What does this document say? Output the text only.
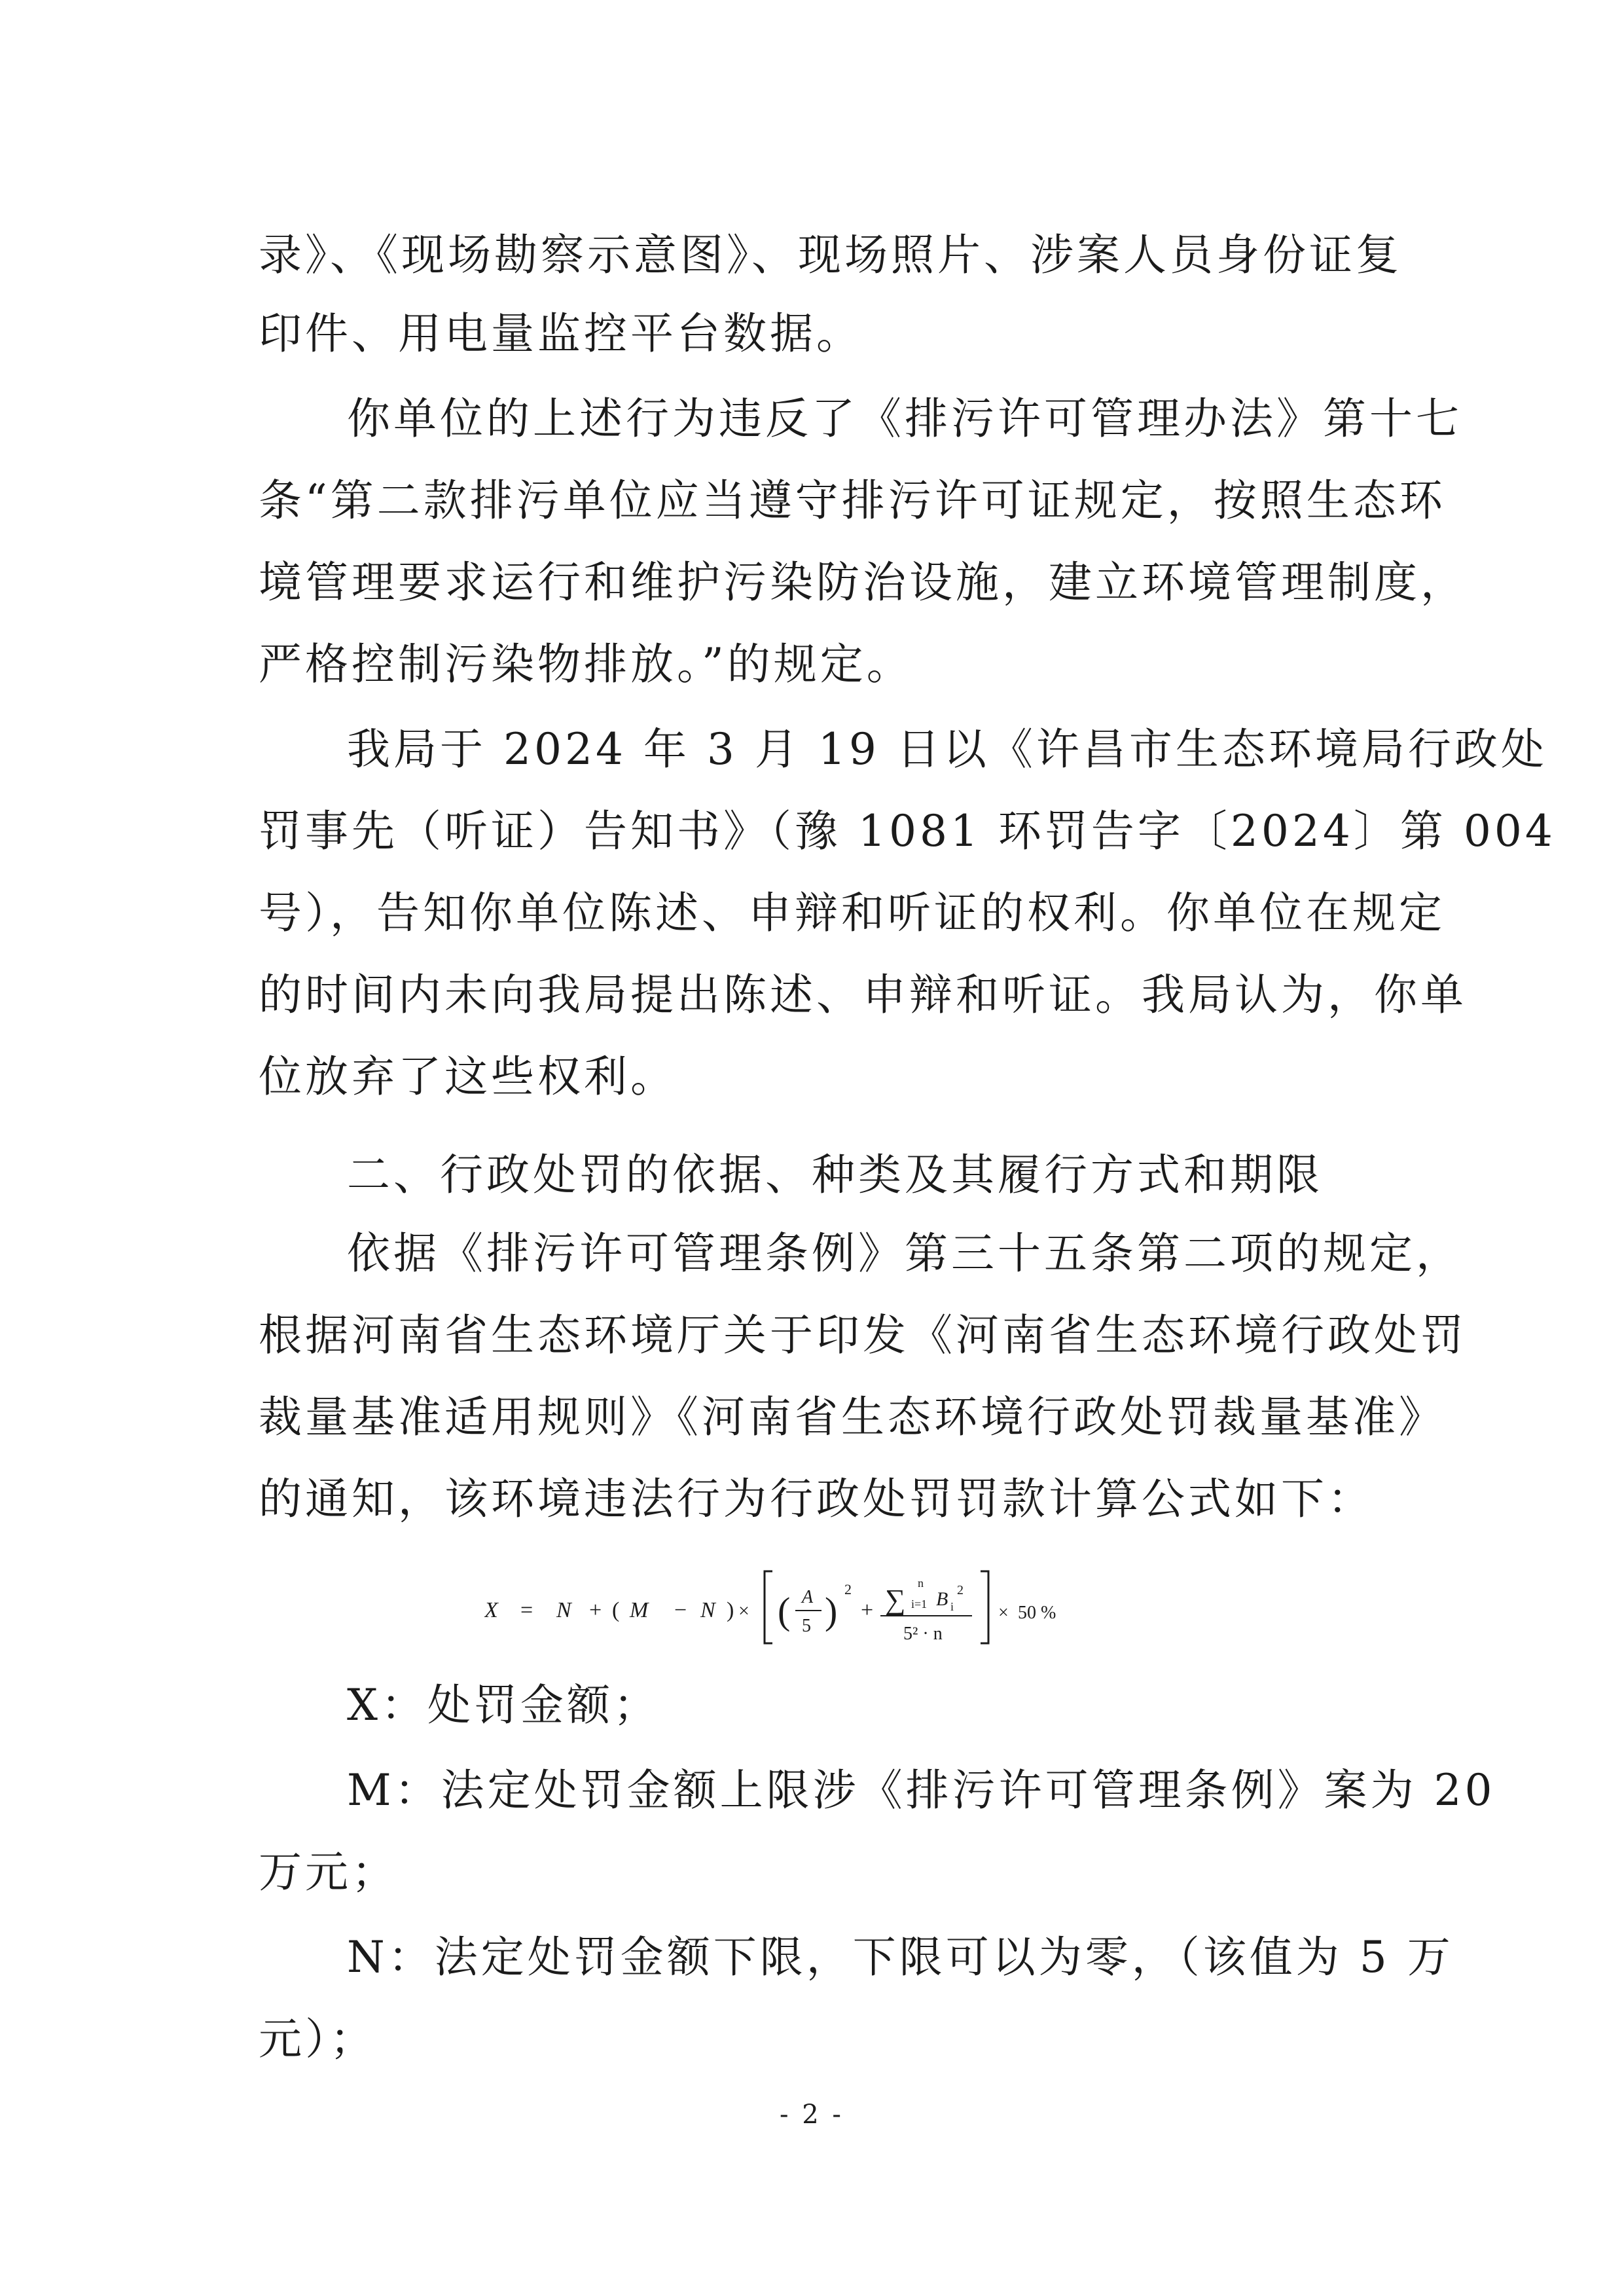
录》、《现场勘察示意图》、现场照片、涉案人员身份证复
印件、用电量监控平台数据。
你单位的上述行为违反了《排污许可管理办法》第十七
条“第二款排污单位应当遵守排污许可证规定，按照生态环
境管理要求运行和维护污染防治设施，建立环境管理制度，
严格控制污染物排放。”的规定。
我局于 2024 年 3 月 19 日以《许昌市生态环境局行政处
罚事先（听证）告知书》（豫 1081 环罚告字〔2024〕第 004
号），告知你单位陈述、申辩和听证的权利。你单位在规定
的时间内未向我局提出陈述、申辩和听证。我局认为，你单
位放弃了这些权利。
二、行政处罚的依据、种类及其履行方式和期限
依据《排污许可管理条例》第三十五条第二项的规定，
根据河南省生态环境厅关于印发《河南省生态环境行政处罚
裁量基准适用规则》《河南省生态环境行政处罚裁量基准》
的通知，该环境违法行为行政处罚罚款计算公式如下：
X = N + ( M − N ) × ( A
5 )
2
+ ∑
n
i=1 B i
2
5² · n
× 50 %
X：处罚金额；
M：法定处罚金额上限涉《排污许可管理条例》案为 20
万元；
N：法定处罚金额下限，下限可以为零，（该值为 5 万
元）；
- 2 -
